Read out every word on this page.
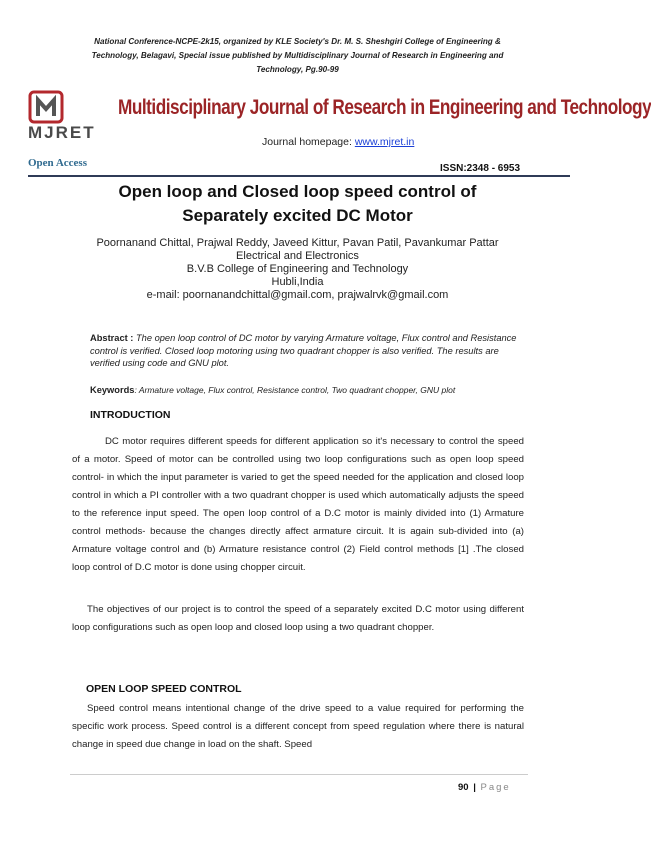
National Conference-NCPE-2k15, organized by KLE Society's Dr. M. S. Sheshgiri College of Engineering &
Technology, Belagavi, Special issue published by Multidisciplinary Journal of Research in Engineering and
Technology, Pg.90-99
MJRET
Multidisciplinary Journal of Research in Engineering and Technology
Journal homepage: www.mjret.in
Open Access	ISSN:2348 - 6953
Open loop and Closed loop speed control of
Separately excited DC Motor
Poornanand Chittal, Prajwal Reddy, Javeed Kittur, Pavan Patil, Pavankumar Pattar
Electrical and Electronics
B.V.B College of Engineering and Technology
Hubli,India
e-mail: poornanandchittal@gmail.com, prajwalrvk@gmail.com
Abstract : The open loop control of DC motor by varying Armature voltage, Flux control and Resistance control is verified. Closed loop motoring using two quadrant chopper is also verified. The results are verified using code and GNU plot.
Keywords: Armature voltage, Flux control, Resistance control, Two quadrant chopper, GNU plot
INTRODUCTION
DC motor requires different speeds for different application so it's necessary to control the speed of a motor. Speed of motor can be controlled using two loop configurations such as open loop speed control- in which the input parameter is varied to get the speed needed for the application and closed loop control in which a PI controller with a two quadrant chopper is used which automatically adjusts the speed to the reference input speed. The open loop control of a D.C motor is mainly divided into (1) Armature control methods- because the changes directly affect armature circuit. It is again sub-divided into (a) Armature voltage control and (b) Armature resistance control (2) Field control methods [1] .The closed loop control of D.C motor is done using chopper circuit.
The objectives of our project is to control the speed of a separately excited D.C motor using different loop configurations such as open loop and closed loop using a two quadrant chopper.
OPEN LOOP SPEED CONTROL
Speed control means intentional change of the drive speed to a value required for performing the specific work process. Speed control is a different concept from speed regulation where there is natural change in speed due change in load on the shaft. Speed
90 | Page
